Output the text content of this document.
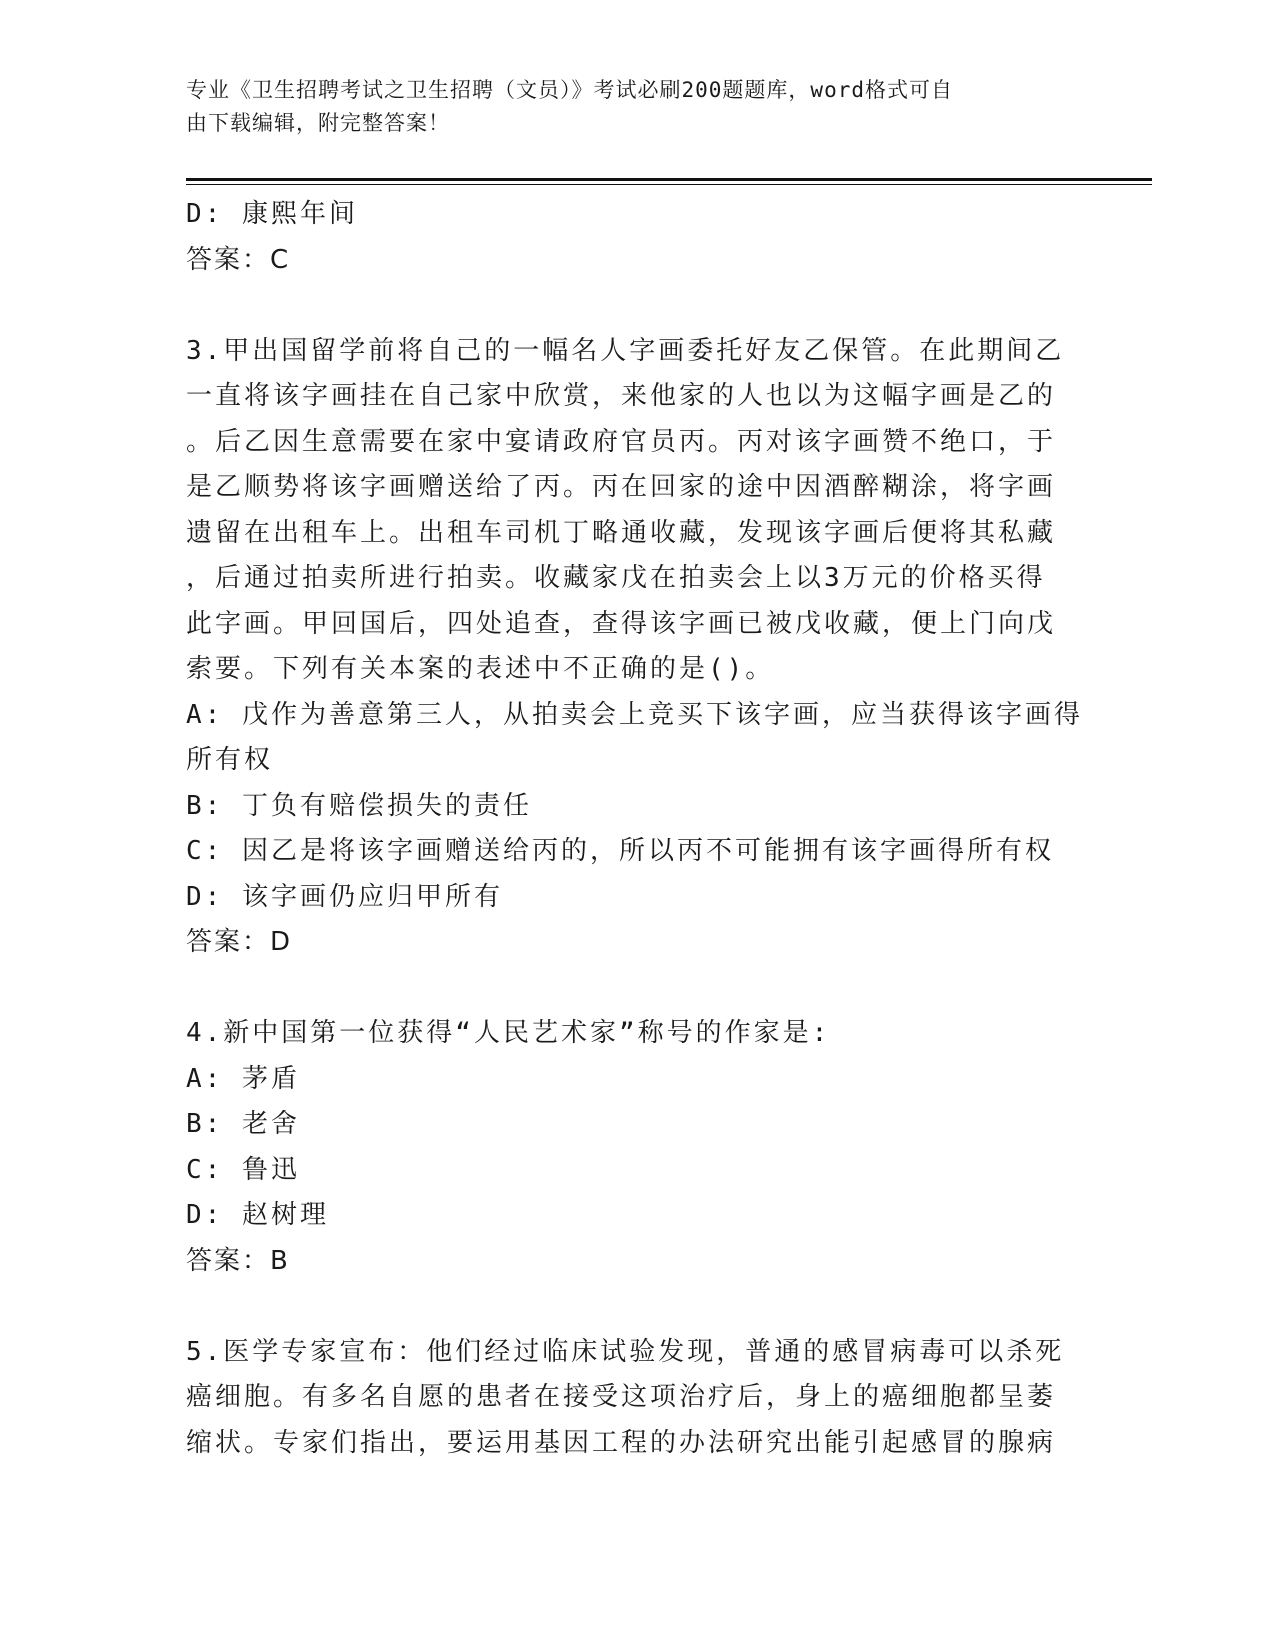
专业《卫生招聘考试之卫生招聘（文员）》考试必刷200题题库，word格式可自
由下载编辑，附完整答案！
D: 康熙年间
答案：C
3.甲出国留学前将自己的一幅名人字画委托好友乙保管。在此期间乙
一直将该字画挂在自己家中欣赏，来他家的人也以为这幅字画是乙的
。后乙因生意需要在家中宴请政府官员丙。丙对该字画赞不绝口，于
是乙顺势将该字画赠送给了丙。丙在回家的途中因酒醉糊涂，将字画
遗留在出租车上。出租车司机丁略通收藏，发现该字画后便将其私藏
，后通过拍卖所进行拍卖。收藏家戊在拍卖会上以3万元的价格买得
此字画。甲回国后，四处追查，查得该字画已被戊收藏，便上门向戊
索要。下列有关本案的表述中不正确的是()。
A: 戊作为善意第三人，从拍卖会上竞买下该字画，应当获得该字画得
所有权
B: 丁负有赔偿损失的责任
C: 因乙是将该字画赠送给丙的，所以丙不可能拥有该字画得所有权
D: 该字画仍应归甲所有
答案：D
4.新中国第一位获得“人民艺术家”称号的作家是:
A: 茅盾
B: 老舍
C: 鲁迅
D: 赵树理
答案：B
5.医学专家宣布：他们经过临床试验发现，普通的感冒病毒可以杀死
癌细胞。有多名自愿的患者在接受这项治疗后，身上的癌细胞都呈萎
缩状。专家们指出，要运用基因工程的办法研究出能引起感冒的腺病
